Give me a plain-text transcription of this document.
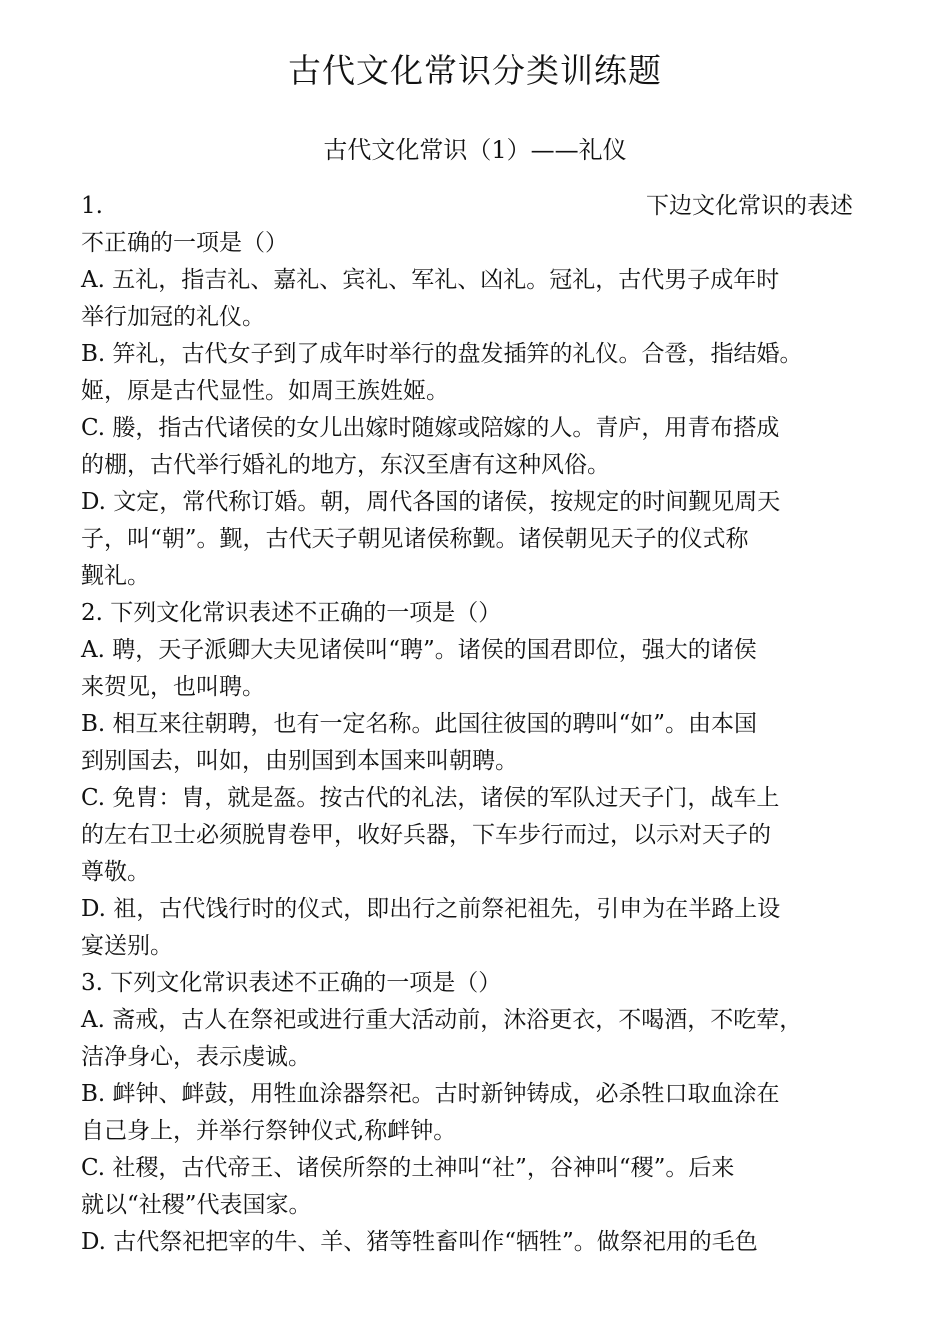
古代文化常识分类训练题
古代文化常识（1）——礼仪
1.	下边文化常识的表述
不正确的一项是（）
A. 五礼，指吉礼、嘉礼、宾礼、军礼、凶礼。冠礼，古代男子成年时
举行加冠的礼仪。
B. 笄礼，古代女子到了成年时举行的盘发插笄的礼仪。合卺，指结婚。
姬，原是古代显性。如周王族姓姬。
C. 媵，指古代诸侯的女儿出嫁时随嫁或陪嫁的人。青庐，用青布搭成
的棚，古代举行婚礼的地方，东汉至唐有这种风俗。
D. 文定，常代称订婚。朝，周代各国的诸侯，按规定的时间觐见周天
子，叫“朝”。觐，古代天子朝见诸侯称觐。诸侯朝见天子的仪式称
觐礼。
2. 下列文化常识表述不正确的一项是（）
A. 聘，天子派卿大夫见诸侯叫“聘”。诸侯的国君即位，强大的诸侯
来贺见，也叫聘。
B. 相互来往朝聘，也有一定名称。此国往彼国的聘叫“如”。由本国
到别国去，叫如，由别国到本国来叫朝聘。
C. 免胄：胄，就是盔。按古代的礼法，诸侯的军队过天子门，战车上
的左右卫士必须脱胄卷甲，收好兵器，下车步行而过，以示对天子的
尊敬。
D. 祖，古代饯行时的仪式，即出行之前祭祀祖先，引申为在半路上设
宴送别。
3. 下列文化常识表述不正确的一项是（）
A. 斋戒，古人在祭祀或进行重大活动前，沐浴更衣，不喝酒，不吃荤，
洁净身心，表示虔诚。
B. 衅钟、衅鼓，用牲血涂器祭祀。古时新钟铸成，必杀牲口取血涂在
自己身上，并举行祭钟仪式,称衅钟。
C. 社稷，古代帝王、诸侯所祭的土神叫“社”，谷神叫“稷”。后来
就以“社稷”代表国家。
D. 古代祭祀把宰的牛、羊、猪等牲畜叫作“牺牲”。做祭祀用的毛色
